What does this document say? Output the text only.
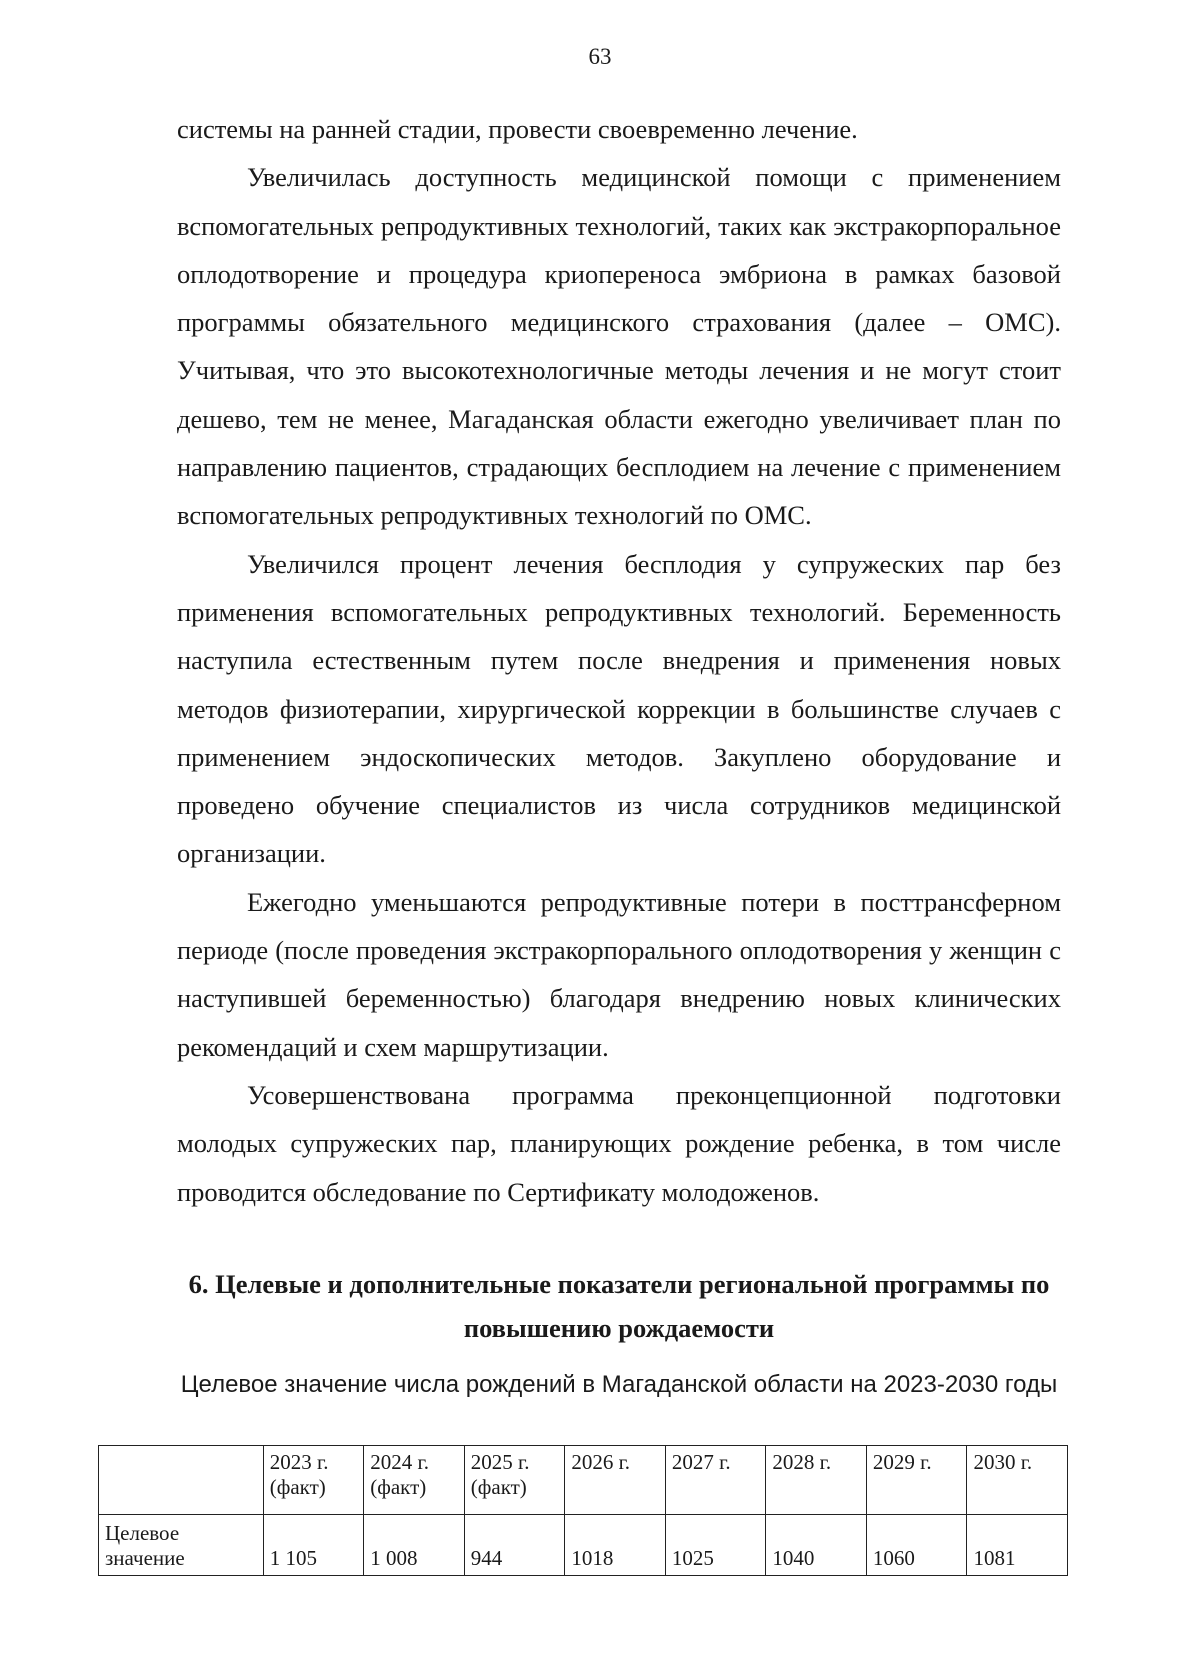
63

системы на ранней стадии, провести своевременно лечение.

Увеличилась доступность медицинской помощи с применением вспомогательных репродуктивных технологий, таких как экстракорпоральное оплодотворение и процедура криопереноса эмбриона в рамках базовой программы обязательного медицинского страхования (далее – ОМС). Учитывая, что это высокотехнологичные методы лечения и не могут стоит дешево, тем не менее, Магаданская области ежегодно увеличивает план по направлению пациентов, страдающих бесплодием на лечение с применением вспомогательных репродуктивных технологий по ОМС.

Увеличился процент лечения бесплодия у супружеских пар без применения вспомогательных репродуктивных технологий. Беременность наступила естественным путем после внедрения и применения новых методов физиотерапии, хирургической коррекции в большинстве случаев с применением эндоскопических методов. Закуплено оборудование и проведено обучение специалистов из числа сотрудников медицинской организации.

Ежегодно уменьшаются репродуктивные потери в посттрансферном периоде (после проведения экстракорпорального оплодотворения у женщин с наступившей беременностью) благодаря внедрению новых клинических рекомендаций и схем маршрутизации.

Усовершенствована программа преконцепционной подготовки молодых супружеских пар, планирующих рождение ребенка, в том числе проводится обследование по Сертификату молодоженов.

6. Целевые и дополнительные показатели региональной программы по повышению рождаемости
Целевое значение числа рождений в Магаданской области на 2023-2030 годы
	2023 г. (факт)	2024 г. (факт)	2025 г. (факт)	2026 г.	2027 г.	2028 г.	2029 г.	2030 г.
Целевое значение	1 105	1 008	944	1018	1025	1040	1060	1081
